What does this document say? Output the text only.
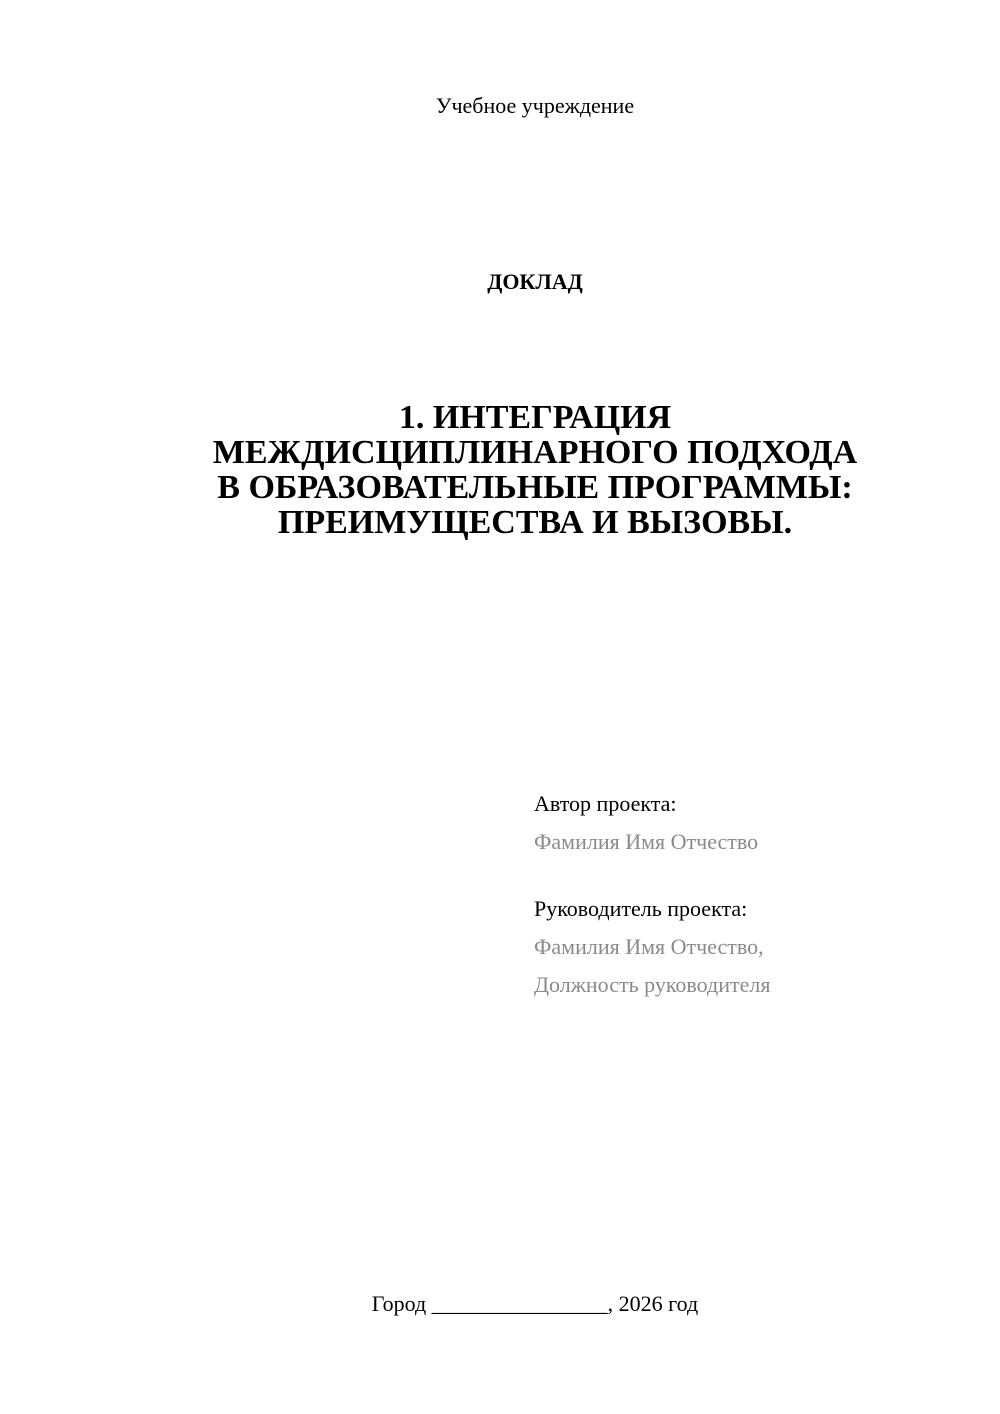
Учебное учреждение
ДОКЛАД
1. ИНТЕГРАЦИЯ
МЕЖДИСЦИПЛИНАРНОГО ПОДХОДА
В ОБРАЗОВАТЕЛЬНЫЕ ПРОГРАММЫ:
ПРЕИМУЩЕСТВА И ВЫЗОВЫ.
Автор проекта:
Фамилия Имя Отчество
Руководитель проекта:
Фамилия Имя Отчество,
Должность руководителя
Город ________________, 2026 год
